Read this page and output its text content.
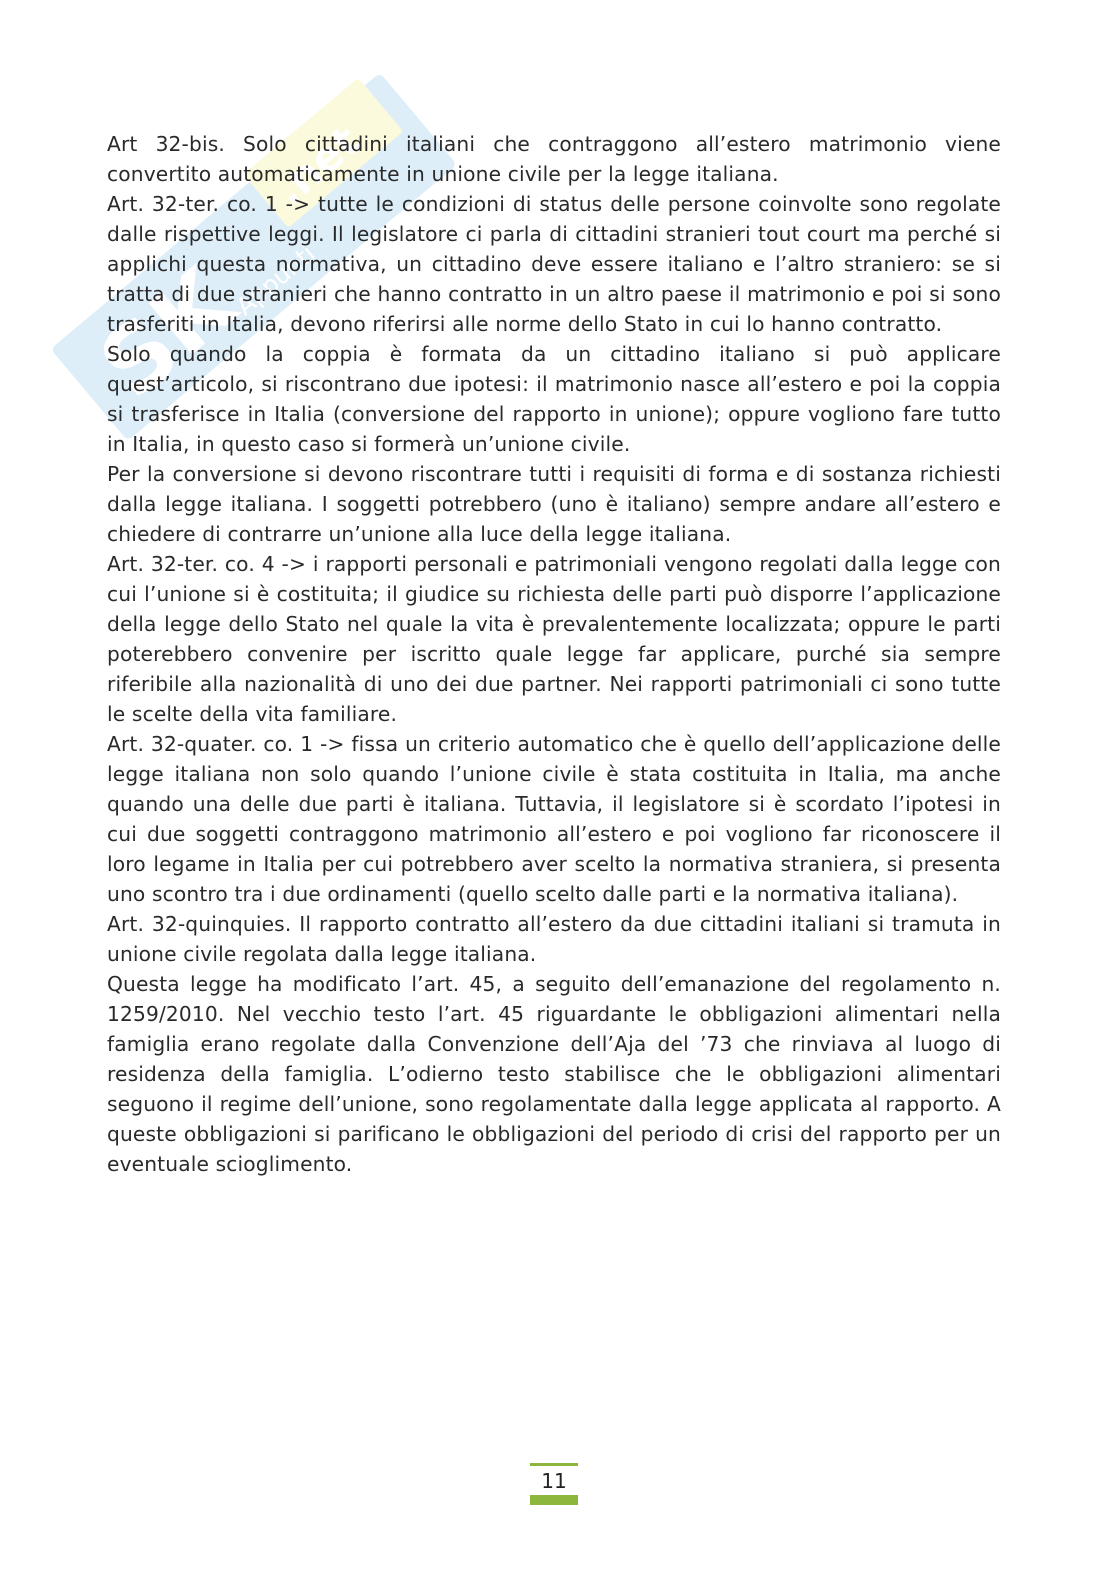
SK
.net
Appunti

Art 32-bis. Solo cittadini italiani che contraggono all’estero matrimonio viene convertito automaticamente in unione civile per la legge italiana.

Art. 32-ter. co. 1 -> tutte le condizioni di status delle persone coinvolte sono regolate dalle rispettive leggi. Il legislatore ci parla di cittadini stranieri tout court ma perché si applichi questa normativa, un cittadino deve essere italiano e l’altro straniero: se si tratta di due stranieri che hanno contratto in un altro paese il matrimonio e poi si sono trasferiti in Italia, devono riferirsi alle norme dello Stato in cui lo hanno contratto.

Solo quando la coppia è formata da un cittadino italiano si può applicare quest’articolo, si riscontrano due ipotesi: il matrimonio nasce all’estero e poi la coppia si trasferisce in Italia (conversione del rapporto in unione); oppure vogliono fare tutto in Italia, in questo caso si formerà un’unione civile.

Per la conversione si devono riscontrare tutti i requisiti di forma e di sostanza richiesti dalla legge italiana. I soggetti potrebbero (uno è italiano) sempre andare all’estero e chiedere di contrarre un’unione alla luce della legge italiana.

Art. 32-ter. co. 4 -> i rapporti personali e patrimoniali vengono regolati dalla legge con cui l’unione si è costituita; il giudice su richiesta delle parti può disporre l’applicazione della legge dello Stato nel quale la vita è prevalentemente localizzata; oppure le parti poterebbero convenire per iscritto quale legge far applicare, purché sia sempre riferibile alla nazionalità di uno dei due partner. Nei rapporti patrimoniali ci sono tutte le scelte della vita familiare.

Art. 32-quater. co. 1 -> fissa un criterio automatico che è quello dell’applicazione delle legge italiana non solo quando l’unione civile è stata costituita in Italia, ma anche quando una delle due parti è italiana. Tuttavia, il legislatore si è scordato l’ipotesi in cui due soggetti contraggono matrimonio all’estero e poi vogliono far riconoscere il loro legame in Italia per cui potrebbero aver scelto la normativa straniera, si presenta uno scontro tra i due ordinamenti (quello scelto dalle parti e la normativa italiana).

Art. 32-quinquies. Il rapporto contratto all’estero da due cittadini italiani si tramuta in unione civile regolata dalla legge italiana.

Questa legge ha modificato l’art. 45, a seguito dell’emanazione del regolamento n. 1259/2010. Nel vecchio testo l’art. 45 riguardante le obbligazioni alimentari nella famiglia erano regolate dalla Convenzione dell’Aja del ’73 che rinviava al luogo di residenza della famiglia. L’odierno testo stabilisce che le obbligazioni alimentari seguono il regime dell’unione, sono regolamentate dalla legge applicata al rapporto. A queste obbligazioni si parificano le obbligazioni del periodo di crisi del rapporto per un eventuale scioglimento.

11
